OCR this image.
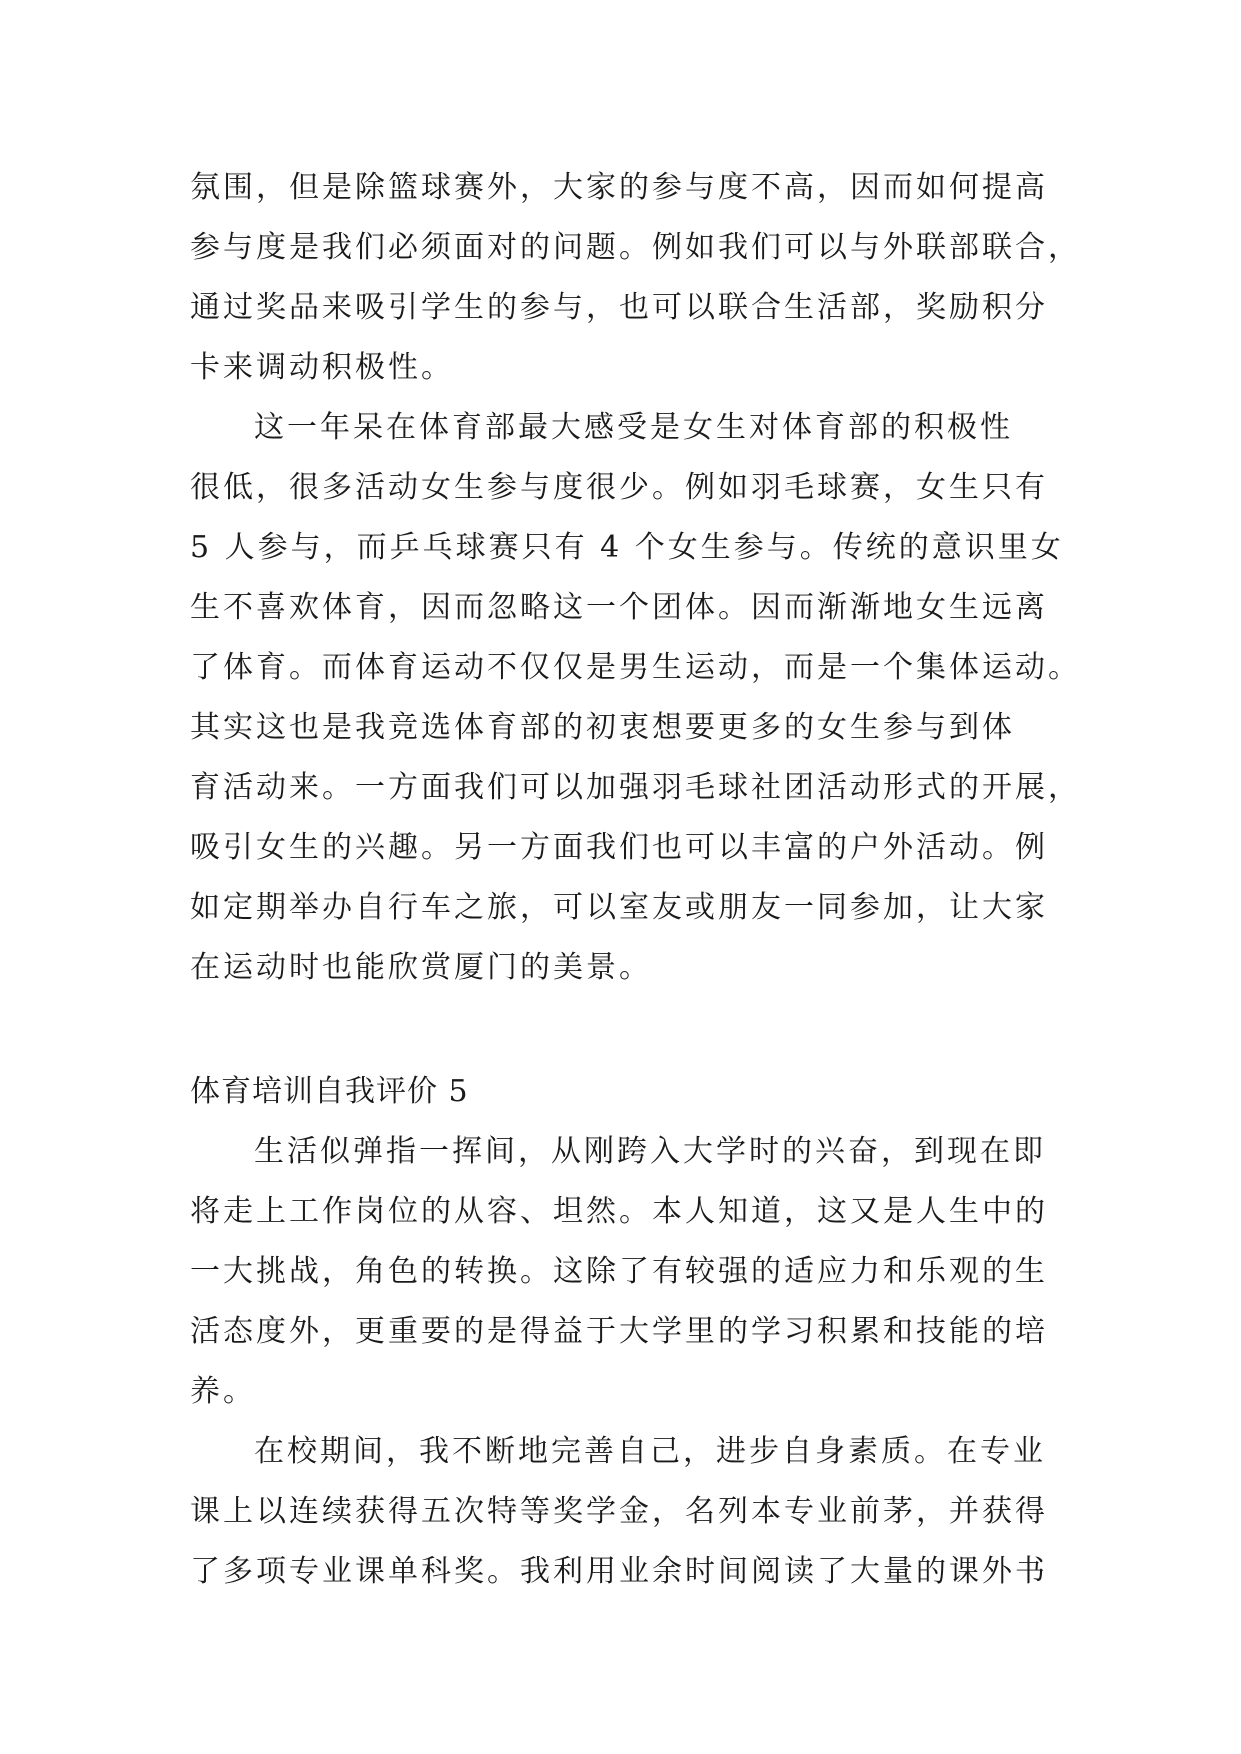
氛围，但是除篮球赛外，大家的参与度不高，因而如何提高
参与度是我们必须面对的问题。例如我们可以与外联部联合，
通过奖品来吸引学生的参与，也可以联合生活部，奖励积分
卡来调动积极性。
这一年呆在体育部最大感受是女生对体育部的积极性
很低，很多活动女生参与度很少。例如羽毛球赛，女生只有
5 人参与，而乒乓球赛只有 4 个女生参与。传统的意识里女
生不喜欢体育，因而忽略这一个团体。因而渐渐地女生远离
了体育。而体育运动不仅仅是男生运动，而是一个集体运动。
其实这也是我竞选体育部的初衷想要更多的女生参与到体
育活动来。一方面我们可以加强羽毛球社团活动形式的开展，
吸引女生的兴趣。另一方面我们也可以丰富的户外活动。例
如定期举办自行车之旅，可以室友或朋友一同参加，让大家
在运动时也能欣赏厦门的美景。
体育培训自我评价 5
生活似弹指一挥间，从刚跨入大学时的兴奋，到现在即
将走上工作岗位的从容、坦然。本人知道，这又是人生中的
一大挑战，角色的转换。这除了有较强的适应力和乐观的生
活态度外，更重要的是得益于大学里的学习积累和技能的培
养。
在校期间，我不断地完善自己，进步自身素质。在专业
课上以连续获得五次特等奖学金，名列本专业前茅，并获得
了多项专业课单科奖。我利用业余时间阅读了大量的课外书
